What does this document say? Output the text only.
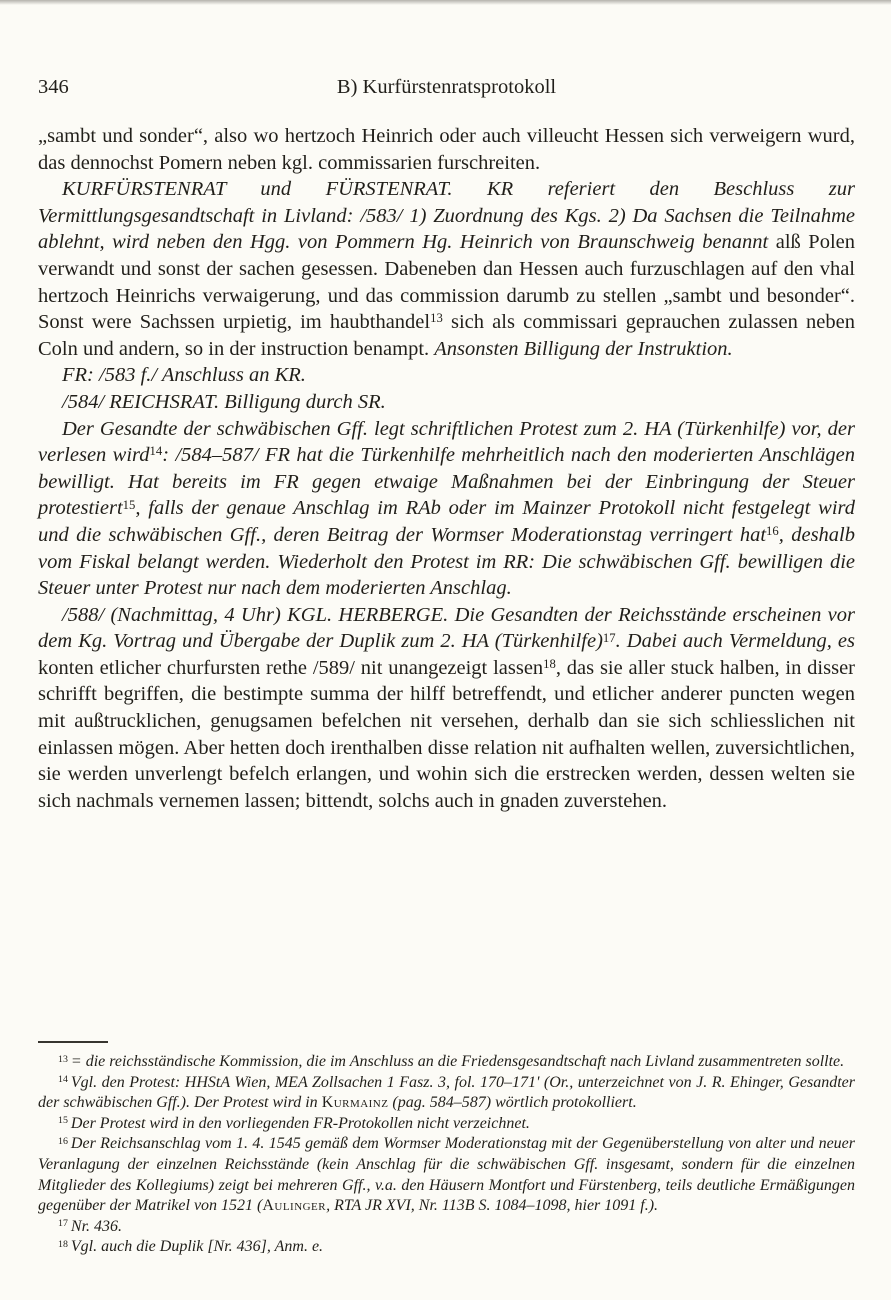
346	B) Kurfürstenratsprotokoll

„sambt und sonder“, also wo hertzoch Heinrich oder auch villeucht Hessen sich verweigern wurd, das dennochst Pomern neben kgl. commissarien furschreiten.

KURFÜRSTENRAT und FÜRSTENRAT. KR referiert den Beschluss zur Vermittlungsgesandtschaft in Livland: /583/ 1) Zuordnung des Kgs. 2) Da Sachsen die Teilnahme ablehnt, wird neben den Hgg. von Pommern Hg. Heinrich von Braunschweig benannt alß Polen verwandt und sonst der sachen gesessen. Dabeneben dan Hessen auch furzuschlagen auf den vhal hertzoch Heinrichs verwaigerung, und das commission darumb zu stellen „sambt und besonder“. Sonst were Sachssen urpietig, im haubthandel$^{13}$ sich als commissari geprauchen zulassen neben Coln und andern, so in der instruction benampt. Ansonsten Billigung der Instruktion.

FR: /583 f./ Anschluss an KR.

/584/ REICHSRAT. Billigung durch SR.

Der Gesandte der schwäbischen Gff. legt schriftlichen Protest zum 2. HA (Türkenhilfe) vor, der verlesen wird$^{14}$: /584–587/ FR hat die Türkenhilfe mehrheitlich nach den moderierten Anschlägen bewilligt. Hat bereits im FR gegen etwaige Maßnahmen bei der Einbringung der Steuer protestiert$^{15}$, falls der genaue Anschlag im RAb oder im Mainzer Protokoll nicht festgelegt wird und die schwäbischen Gff., deren Beitrag der Wormser Moderationstag verringert hat$^{16}$, deshalb vom Fiskal belangt werden. Wiederholt den Protest im RR: Die schwäbischen Gff. bewilligen die Steuer unter Protest nur nach dem moderierten Anschlag.

/588/ (Nachmittag, 4 Uhr) KGL. HERBERGE. Die Gesandten der Reichsstände erscheinen vor dem Kg. Vortrag und Übergabe der Duplik zum 2. HA (Türkenhilfe)$^{17}$. Dabei auch Vermeldung, es konten etlicher churfursten rethe /589/ nit unangezeigt lassen$^{18}$, das sie aller stuck halben, in disser schrifft begriffen, die bestimpte summa der hilff betreffendt, und etlicher anderer puncten wegen mit außtrucklichen, genugsamen befelchen nit versehen, derhalb dan sie sich schliesslichen nit einlassen mögen. Aber hetten doch irenthalben disse relation nit aufhalten wellen, zuversichtlichen, sie werden unverlengt befelch erlangen, und wohin sich die erstrecken werden, dessen welten sie sich nachmals vernemen lassen; bittendt, solchs auch in gnaden zuverstehen.

$^{13}$ = die reichsständische Kommission, die im Anschluss an die Friedensgesandtschaft nach Livland zusammentreten sollte.

$^{14}$ Vgl. den Protest: HHStA Wien, MEA Zollsachen 1 Fasz. 3, fol. 170–171' (Or., unterzeichnet von J. R. Ehinger, Gesandter der schwäbischen Gff.). Der Protest wird in Kurmainz (pag. 584–587) wörtlich protokolliert.

$^{15}$ Der Protest wird in den vorliegenden FR-Protokollen nicht verzeichnet.

$^{16}$ Der Reichsanschlag vom 1. 4. 1545 gemäß dem Wormser Moderationstag mit der Gegenüberstellung von alter und neuer Veranlagung der einzelnen Reichsstände (kein Anschlag für die schwäbischen Gff. insgesamt, sondern für die einzelnen Mitglieder des Kollegiums) zeigt bei mehreren Gff., v.a. den Häusern Montfort und Fürstenberg, teils deutliche Ermäßigungen gegenüber der Matrikel von 1521 (Aulinger, RTA JR XVI, Nr. 113B S. 1084–1098, hier 1091 f.).

$^{17}$ Nr. 436.

$^{18}$ Vgl. auch die Duplik [Nr. 436], Anm. e.
